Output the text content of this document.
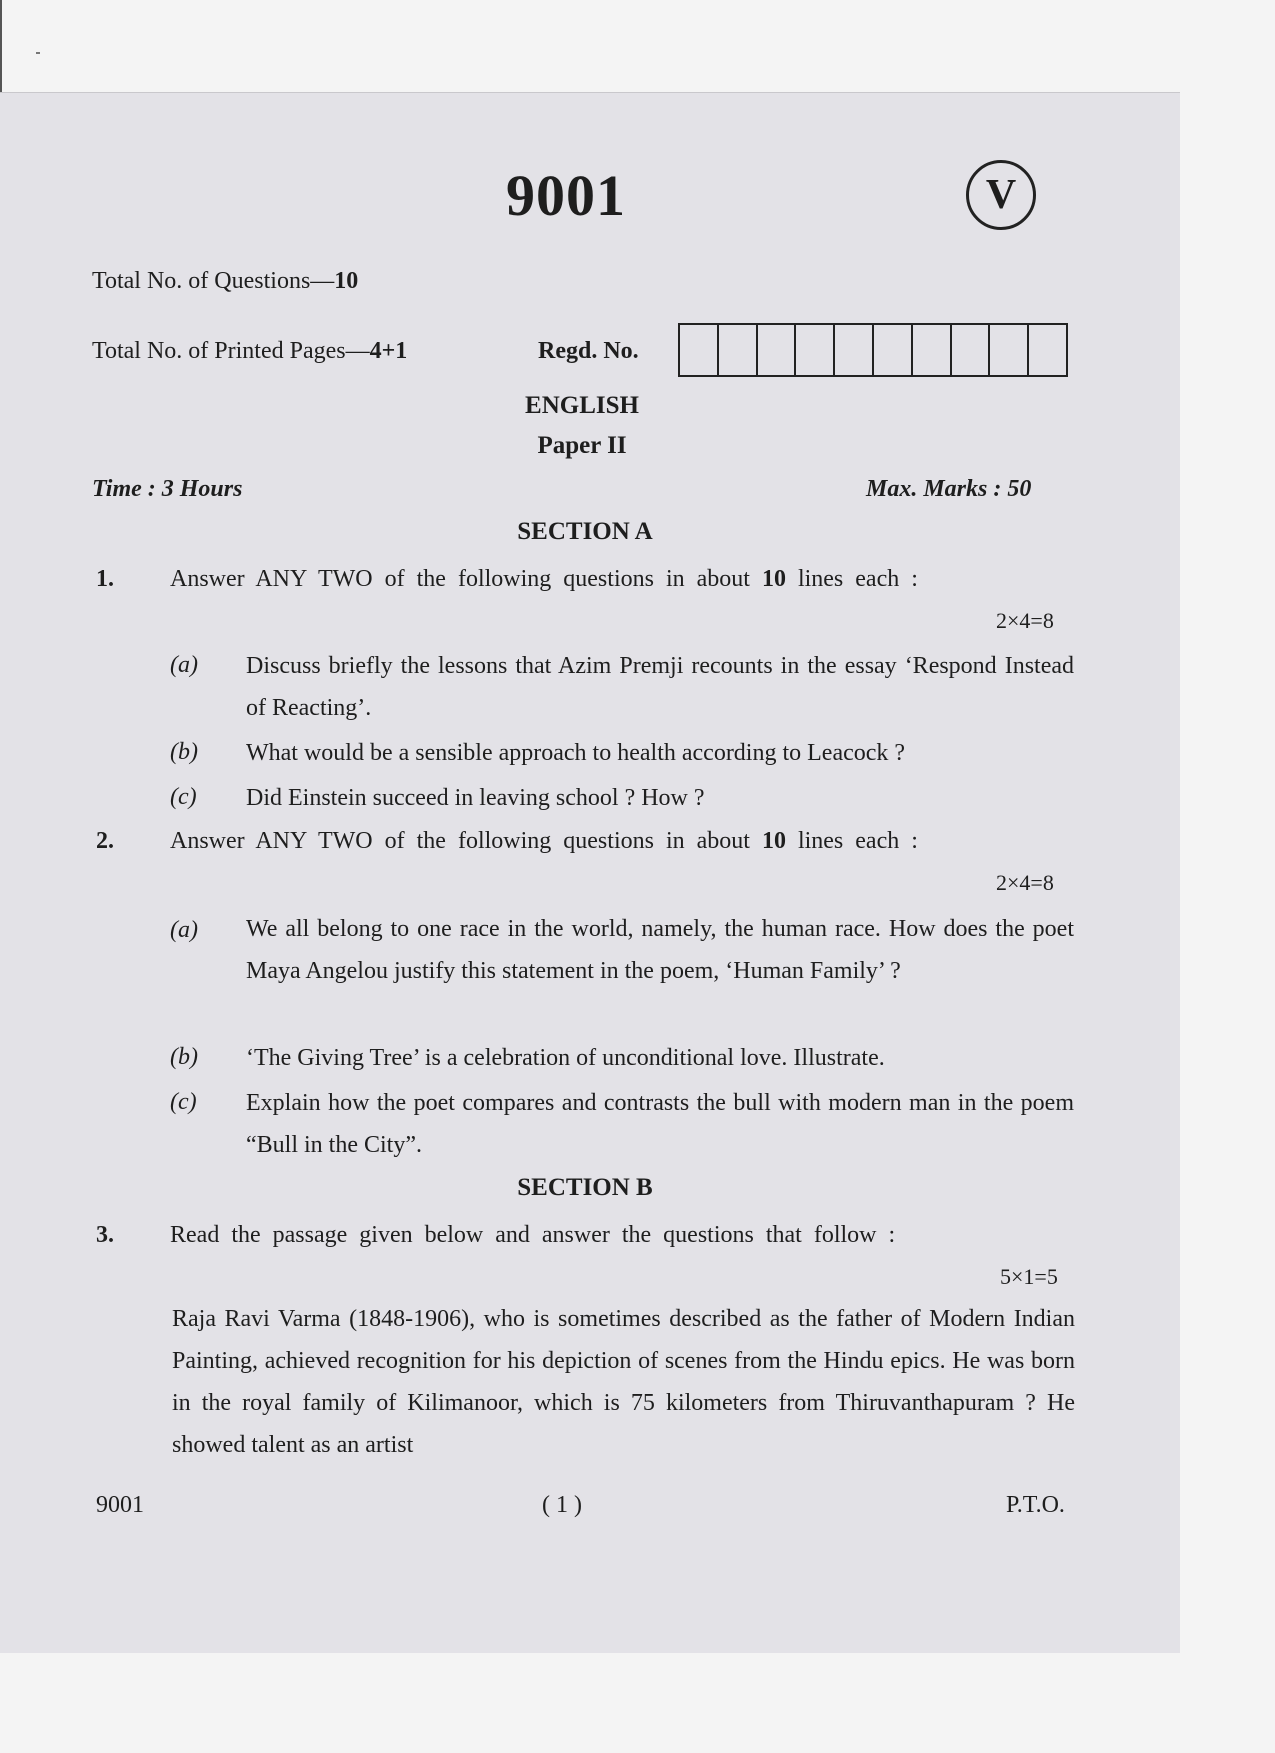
9001	V
Total No. of Questions—10
Total No. of Printed Pages—4+1	Regd. No.
ENGLISH
Paper II
Time : 3 Hours	Max. Marks : 50
SECTION A
1. Answer ANY TWO of the following questions in about 10 lines each :
2×4=8
(a) Discuss briefly the lessons that Azim Premji recounts in the essay ‘Respond Instead of Reacting’.
(b) What would be a sensible approach to health according to Leacock ?
(c) Did Einstein succeed in leaving school ? How ?
2. Answer ANY TWO of the following questions in about 10 lines each :
2×4=8
(a) We all belong to one race in the world, namely, the human race. How does the poet Maya Angelou justify this statement in the poem, ‘Human Family’ ?
(b) ‘The Giving Tree’ is a celebration of unconditional love. Illustrate.
(c) Explain how the poet compares and contrasts the bull with modern man in the poem “Bull in the City”.
SECTION B
3. Read the passage given below and answer the questions that follow :
5×1=5
Raja Ravi Varma (1848-1906), who is sometimes described as the father of Modern Indian Painting, achieved recognition for his depiction of scenes from the Hindu epics. He was born in the royal family of Kilimanoor, which is 75 kilometers from Thiruvanthapuram ? He showed talent as an artist
9001	( 1 )	P.T.O.
